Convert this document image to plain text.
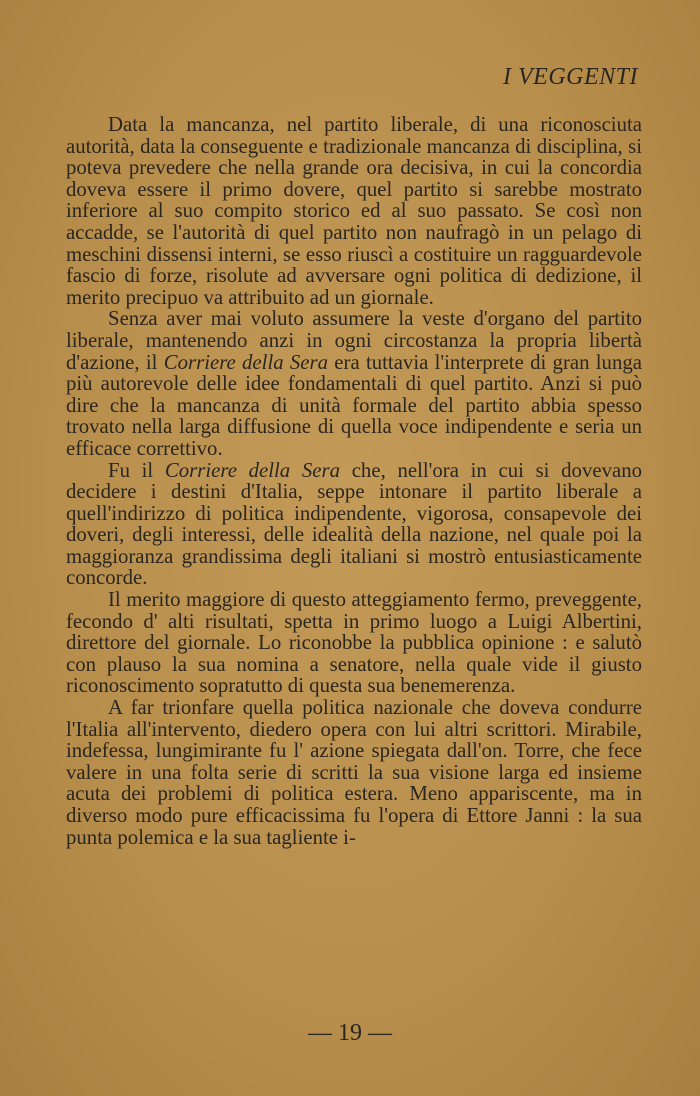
I VEGGENTI

Data la mancanza, nel partito liberale, di una riconosciuta autorità, data la conseguente e tradizionale mancanza di disciplina, si poteva prevedere che nella grande ora decisiva, in cui la concordia doveva essere il primo dovere, quel partito si sarebbe mostrato inferiore al suo compito storico ed al suo passato. Se così non accadde, se l'autorità di quel partito non naufragò in un pelago di meschini dissensi interni, se esso riuscì a costituire un ragguardevole fascio di forze, risolute ad avversare ogni politica di dedizione, il merito precipuo va attribuito ad un giornale.

Senza aver mai voluto assumere la veste d'organo del partito liberale, mantenendo anzi in ogni circostanza la propria libertà d'azione, il Corriere della Sera era tuttavia l'interprete di gran lunga più autorevole delle idee fondamentali di quel partito. Anzi si può dire che la mancanza di unità formale del partito abbia spesso trovato nella larga diffusione di quella voce indipendente e seria un efficace correttivo.

Fu il Corriere della Sera che, nell'ora in cui si dovevano decidere i destini d'Italia, seppe intonare il partito liberale a quell'indirizzo di politica indipendente, vigorosa, consapevole dei doveri, degli interessi, delle idealità della nazione, nel quale poi la maggioranza grandissima degli italiani si mostrò entusiasticamente concorde.

Il merito maggiore di questo atteggiamento fermo, preveggente, fecondo d' alti risultati, spetta in primo luogo a Luigi Albertini, direttore del giornale. Lo riconobbe la pubblica opinione : e salutò con plauso la sua nomina a senatore, nella quale vide il giusto riconoscimento sopratutto di questa sua benemerenza.

A far trionfare quella politica nazionale che doveva condurre l'Italia all'intervento, diedero opera con lui altri scrittori. Mirabile, indefessa, lungimirante fu l' azione spiegata dall'on. Torre, che fece valere in una folta serie di scritti la sua visione larga ed insieme acuta dei problemi di politica estera. Meno appariscente, ma in diverso modo pure efficacissima fu l'opera di Ettore Janni : la sua punta polemica e la sua tagliente i-

— 19 —
